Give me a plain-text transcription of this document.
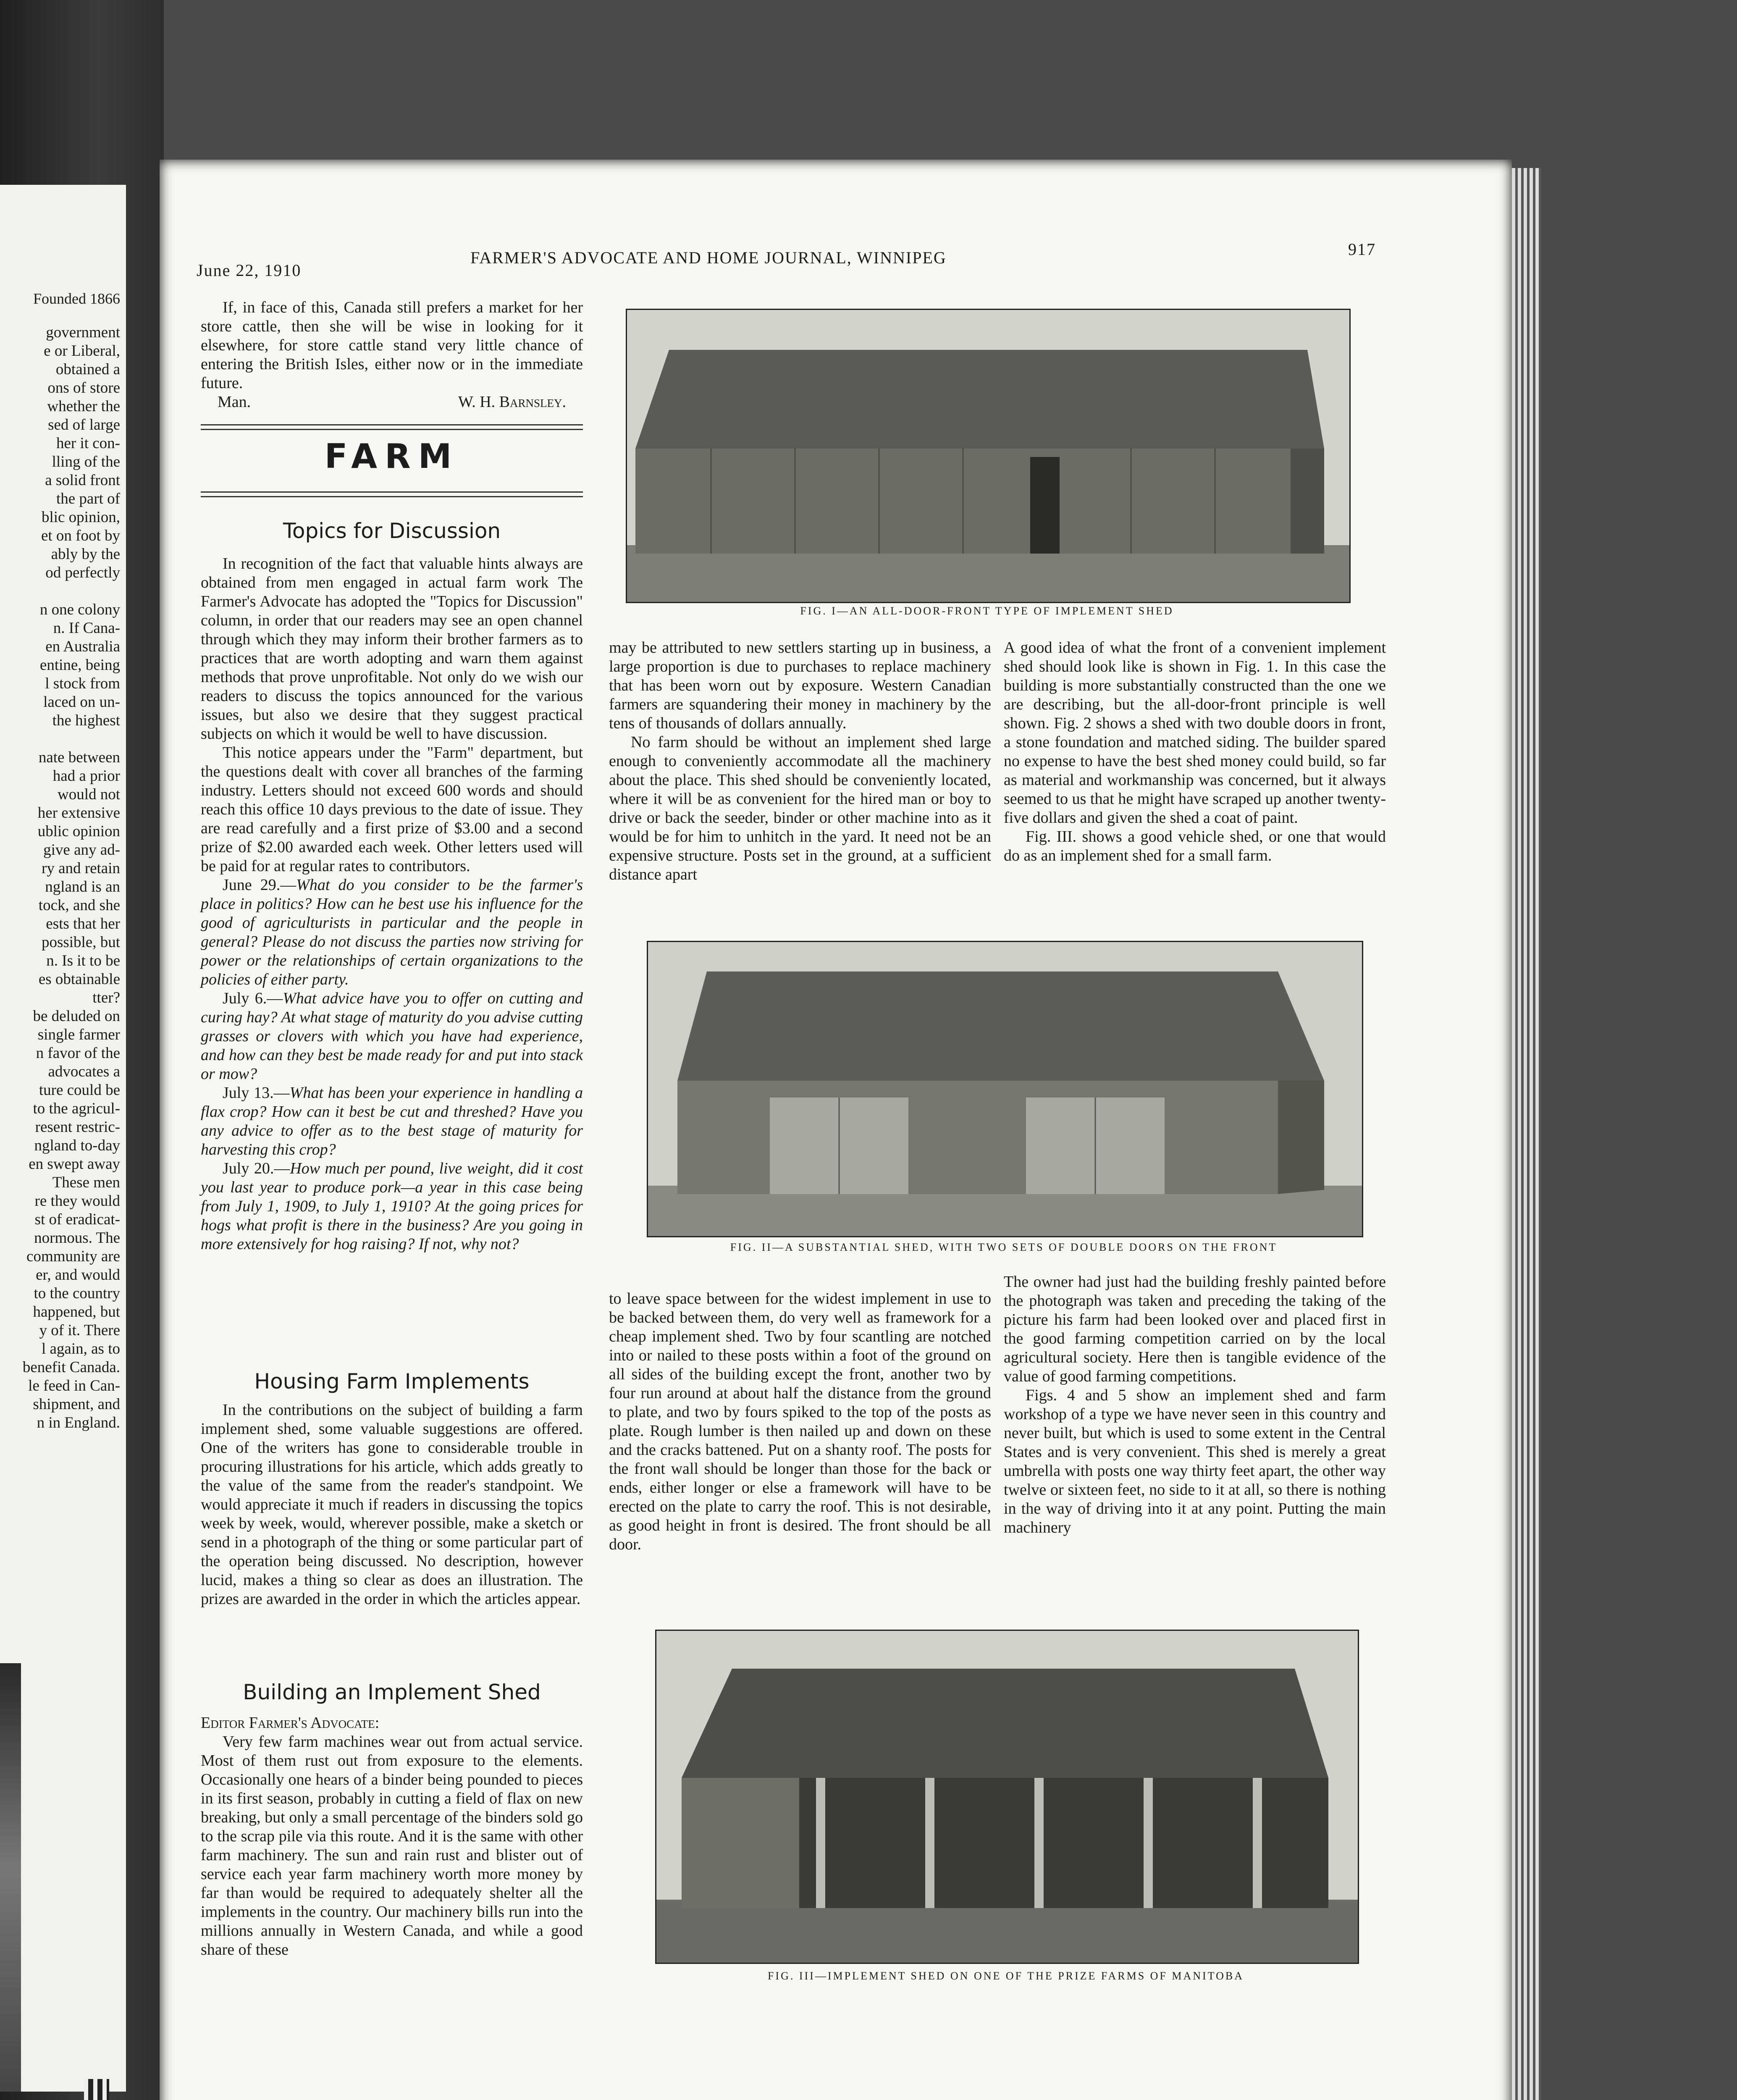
Founded 1866
government
e or Liberal,
obtained a
ons of store
whether the
sed of large
her it con-
lling of the
a solid front
the part of
blic opinion,
et on foot by
ably by the
od perfectly

n one colony
n. If Cana-
en Australia
entine, being
l stock from
laced on un-
the highest

nate between
had a prior
would not
her extensive
ublic opinion
give any ad-
ry and retain
ngland is an
tock, and she
ests that her
possible, but
n. Is it to be
es obtainable
tter?
be deluded on
single farmer
n favor of the
advocates a
ture could be
to the agricul-
resent restric-
ngland to-day
en swept away
These men
re they would
st of eradicat-
normous. The
community are
er, and would
to the country
happened, but
y of it. There
l again, as to
benefit Canada.
le feed in Can-
shipment, and
n in England.
June 22, 1910
FARMER'S ADVOCATE AND HOME JOURNAL, WINNIPEG	917

If, in face of this, Canada still prefers a market for her store cattle, then she will be wise in looking for it elsewhere, for store cattle stand very little chance of entering the British Isles, either now or in the immediate future.

Man.	W. H. Barnsley.
FARM
Topics for Discussion

In recognition of the fact that valuable hints always are obtained from men engaged in actual farm work The Farmer's Advocate has adopted the "Topics for Discussion" column, in order that our readers may see an open channel through which they may inform their brother farmers as to practices that are worth adopting and warn them against methods that prove unprofitable. Not only do we wish our readers to discuss the topics announced for the various issues, but also we desire that they suggest practical subjects on which it would be well to have discussion.

This notice appears under the "Farm" department, but the questions dealt with cover all branches of the farming industry. Letters should not exceed 600 words and should reach this office 10 days previous to the date of issue. They are read carefully and a first prize of $3.00 and a second prize of $2.00 awarded each week. Other letters used will be paid for at regular rates to contributors.

June 29.—What do you consider to be the farmer's place in politics? How can he best use his influence for the good of agriculturists in particular and the people in general? Please do not discuss the parties now striving for power or the relationships of certain organizations to the policies of either party.

July 6.—What advice have you to offer on cutting and curing hay? At what stage of maturity do you advise cutting grasses or clovers with which you have had experience, and how can they best be made ready for and put into stack or mow?

July 13.—What has been your experience in handling a flax crop? How can it best be cut and threshed? Have you any advice to offer as to the best stage of maturity for harvesting this crop?

July 20.—How much per pound, live weight, did it cost you last year to produce pork—a year in this case being from July 1, 1909, to July 1, 1910? At the going prices for hogs what profit is there in the business? Are you going in more extensively for hog raising? If not, why not?

Housing Farm Implements

In the contributions on the subject of building a farm implement shed, some valuable suggestions are offered. One of the writers has gone to considerable trouble in procuring illustrations for his article, which adds greatly to the value of the same from the reader's standpoint. We would appreciate it much if readers in discussing the topics week by week, would, wherever possible, make a sketch or send in a photograph of the thing or some particular part of the operation being discussed. No description, however lucid, makes a thing so clear as does an illustration. The prizes are awarded in the order in which the articles appear.

Building an Implement Shed

Editor Farmer's Advocate:

Very few farm machines wear out from actual service. Most of them rust out from exposure to the elements. Occasionally one hears of a binder being pounded to pieces in its first season, probably in cutting a field of flax on new breaking, but only a small percentage of the binders sold go to the scrap pile via this route. And it is the same with other farm machinery. The sun and rain rust and blister out of service each year farm machinery worth more money by far than would be required to adequately shelter all the implements in the country. Our machinery bills run into the millions annually in Western Canada, and while a good share of these

FIG. I—AN ALL-DOOR-FRONT TYPE OF IMPLEMENT SHED

may be attributed to new settlers starting up in business, a large proportion is due to purchases to replace machinery that has been worn out by exposure. Western Canadian farmers are squandering their money in machinery by the tens of thousands of dollars annually.

No farm should be without an implement shed large enough to conveniently accommodate all the machinery about the place. This shed should be conveniently located, where it will be as convenient for the hired man or boy to drive or back the seeder, binder or other machine into as it would be for him to unhitch in the yard. It need not be an expensive structure. Posts set in the ground, at a sufficient distance apart

A good idea of what the front of a convenient implement shed should look like is shown in Fig. 1. In this case the building is more substantially constructed than the one we are describing, but the all-door-front principle is well shown. Fig. 2 shows a shed with two double doors in front, a stone foundation and matched siding. The builder spared no expense to have the best shed money could build, so far as material and workmanship was concerned, but it always seemed to us that he might have scraped up another twenty-five dollars and given the shed a coat of paint.

Fig. III. shows a good vehicle shed, or one that would do as an implement shed for a small farm.

FIG. II—A SUBSTANTIAL SHED, WITH TWO SETS OF DOUBLE DOORS ON THE FRONT

to leave space between for the widest implement in use to be backed between them, do very well as framework for a cheap implement shed. Two by four scantling are notched into or nailed to these posts within a foot of the ground on all sides of the building except the front, another two by four run around at about half the distance from the ground to plate, and two by fours spiked to the top of the posts as plate. Rough lumber is then nailed up and down on these and the cracks battened. Put on a shanty roof. The posts for the front wall should be longer than those for the back or ends, either longer or else a framework will have to be erected on the plate to carry the roof. This is not desirable, as good height in front is desired. The front should be all door.

The owner had just had the building freshly painted before the photograph was taken and preceding the taking of the picture his farm had been looked over and placed first in the good farming competition carried on by the local agricultural society. Here then is tangible evidence of the value of good farming competitions.

Figs. 4 and 5 show an implement shed and farm workshop of a type we have never seen in this country and never built, but which is used to some extent in the Central States and is very convenient. This shed is merely a great umbrella with posts one way thirty feet apart, the other way twelve or sixteen feet, no side to it at all, so there is nothing in the way of driving into it at any point. Putting the main machinery

FIG. III—IMPLEMENT SHED ON ONE OF THE PRIZE FARMS OF MANITOBA
